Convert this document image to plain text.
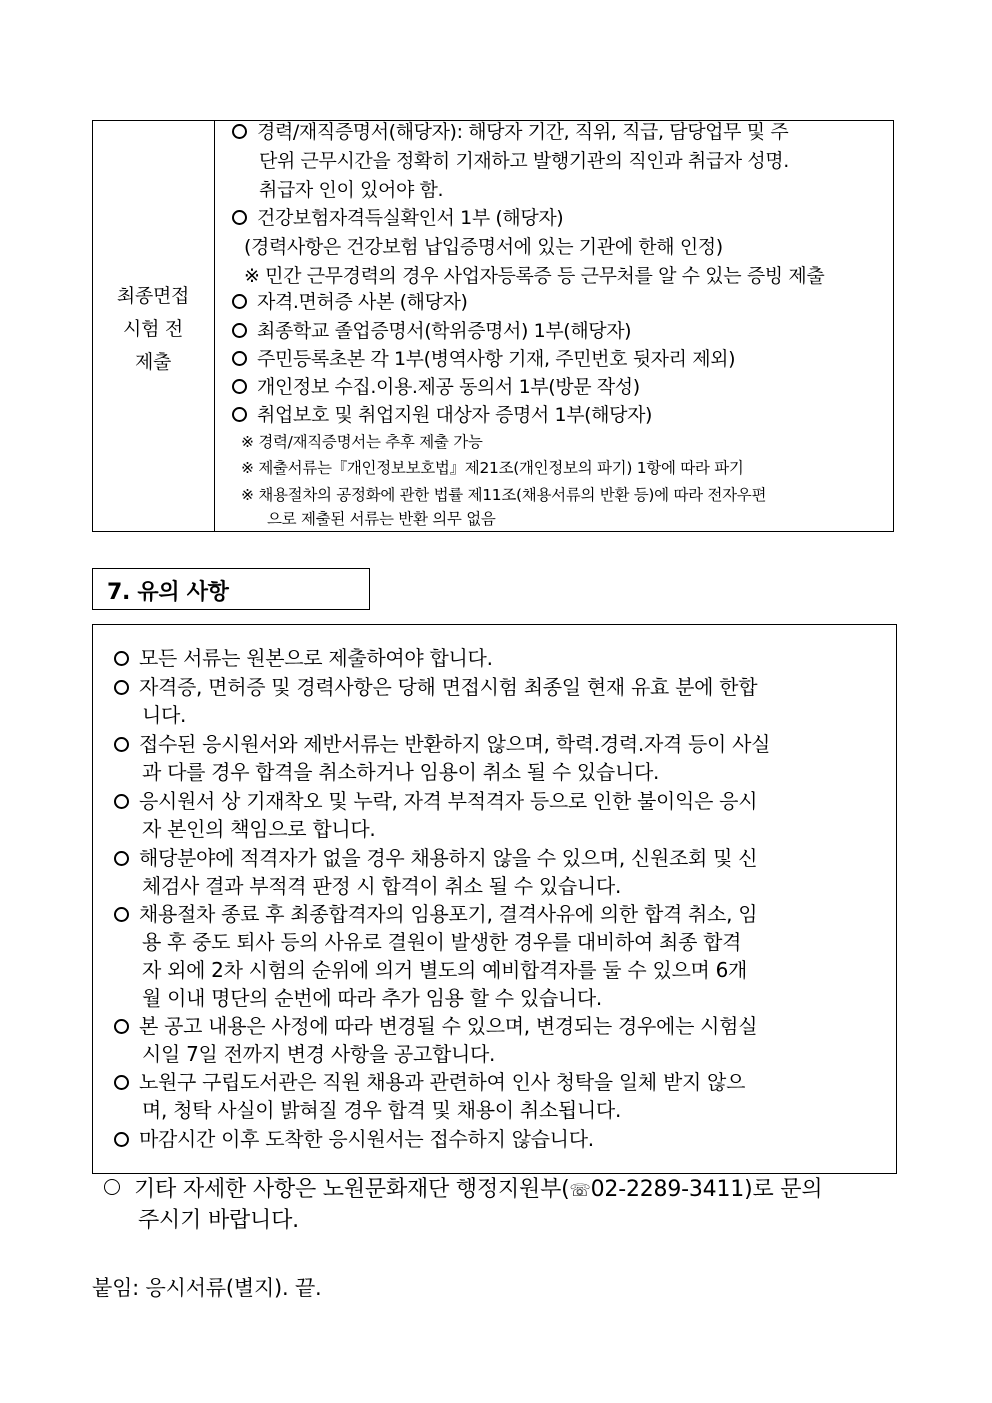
최종면접
시험 전
제출
경력/재직증명서(해당자): 해당자 기간, 직위, 직급, 담당업무 및 주
단위 근무시간을 정확히 기재하고 발행기관의 직인과 취급자 성명.
취급자 인이 있어야 함.
건강보험자격득실확인서 1부 (해당자)
(경력사항은 건강보험 납입증명서에 있는 기관에 한해 인정)
※ 민간 근무경력의 경우 사업자등록증 등 근무처를 알 수 있는 증빙 제출
자격.면허증 사본 (해당자)
최종학교 졸업증명서(학위증명서) 1부(해당자)
주민등록초본 각 1부(병역사항 기재, 주민번호 뒷자리 제외)
개인정보 수집.이용.제공 동의서 1부(방문 작성)
취업보호 및 취업지원 대상자 증명서 1부(해당자)
※ 경력/재직증명서는 추후 제출 가능
※ 제출서류는『개인정보보호법』제21조(개인정보의 파기) 1항에 따라 파기
※ 채용절차의 공정화에 관한 법률 제11조(채용서류의 반환 등)에 따라 전자우편
으로 제출된 서류는 반환 의무 없음
7. 유의 사항
모든 서류는 원본으로 제출하여야 합니다.
자격증, 면허증 및 경력사항은 당해 면접시험 최종일 현재 유효 분에 한합
니다.
접수된 응시원서와 제반서류는 반환하지 않으며, 학력.경력.자격 등이 사실
과 다를 경우 합격을 취소하거나 임용이 취소 될 수 있습니다.
응시원서 상 기재착오 및 누락, 자격 부적격자 등으로 인한 불이익은 응시
자 본인의 책임으로 합니다.
해당분야에 적격자가 없을 경우 채용하지 않을 수 있으며, 신원조회 및 신
체검사 결과 부적격 판정 시 합격이 취소 될 수 있습니다.
채용절차 종료 후 최종합격자의 임용포기, 결격사유에 의한 합격 취소, 임
용 후 중도 퇴사 등의 사유로 결원이 발생한 경우를 대비하여 최종 합격
자 외에 2차 시험의 순위에 의거 별도의 예비합격자를 둘 수 있으며 6개
월 이내 명단의 순번에 따라 추가 임용 할 수 있습니다.
본 공고 내용은 사정에 따라 변경될 수 있으며, 변경되는 경우에는 시험실
시일 7일 전까지 변경 사항을 공고합니다.
노원구 구립도서관은 직원 채용과 관련하여 인사 청탁을 일체 받지 않으
며, 청탁 사실이 밝혀질 경우 합격 및 채용이 취소됩니다.
마감시간 이후 도착한 응시원서는 접수하지 않습니다.
기타 자세한 사항은 노원문화재단 행정지원부(☏02-2289-3411)로 문의
주시기 바랍니다.
붙임: 응시서류(별지). 끝.
